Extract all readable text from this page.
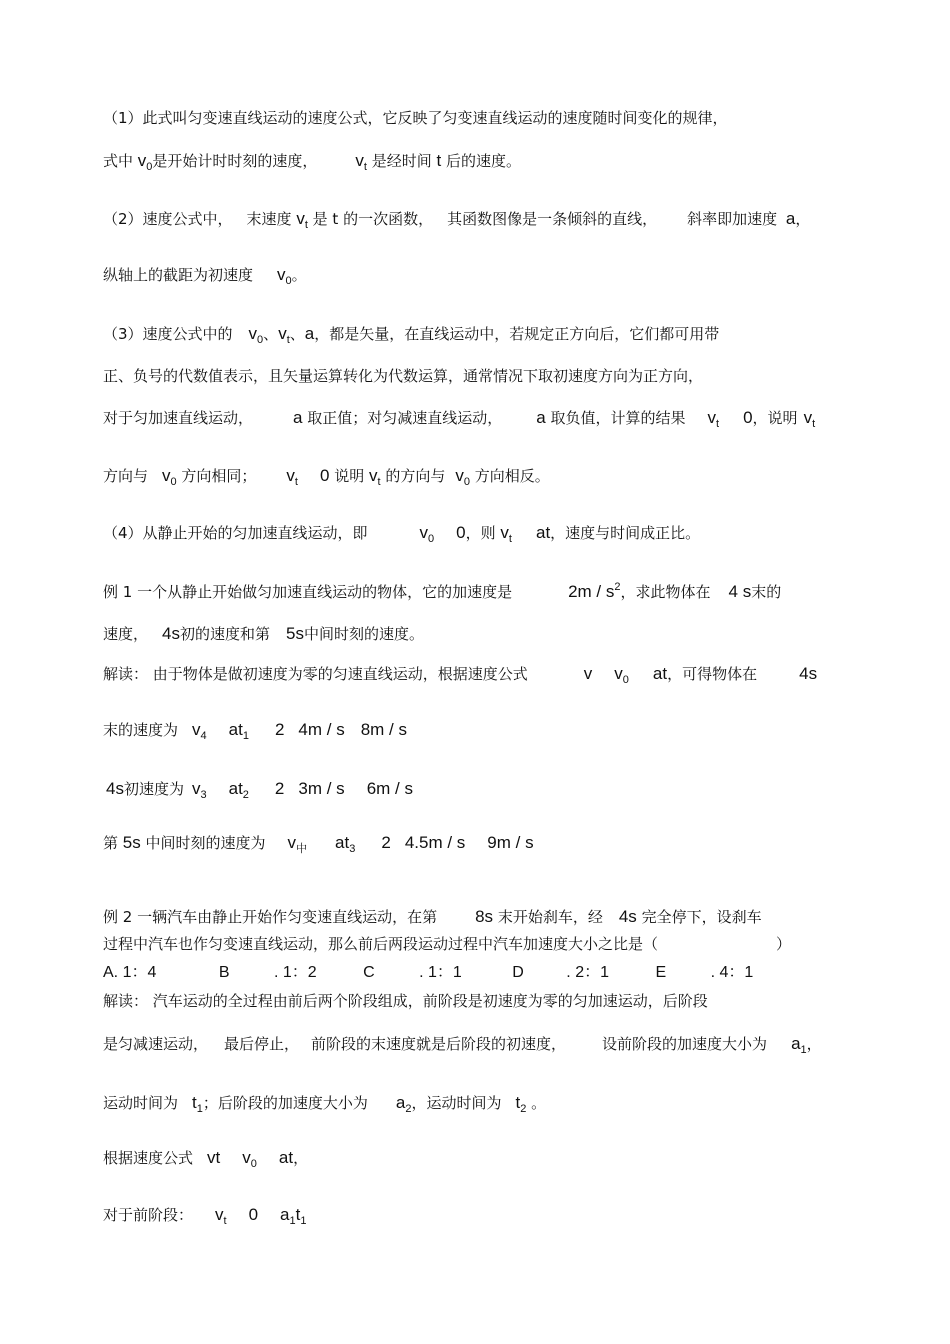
（1）此式叫匀变速直线运动的速度公式，它反映了匀变速直线运动的速度随时间变化的规律，
式中 $v_0$是开始计时时刻的速度， $v_t$ 是经时间 t 后的速度。
（2）速度公式中， 末速度 $v_t$ 是 t 的一次函数， 其函数图像是一条倾斜的直线， 斜率即加速度 a，
纵轴上的截距为初速度 $v_0$。
（3）速度公式中的 $v_0$、$v_t$、a，都是矢量，在直线运动中，若规定正方向后，它们都可用带
正、负号的代数值表示，且矢量运算转化为代数运算，通常情况下取初速度方向为正方向，
对于匀加速直线运动， a 取正值；对匀减速直线运动， a 取负值，计算的结果 $v_t$ 0，说明 $v_t$
方向与 $v_0$ 方向相同； $v_t$ 0 说明 $v_t$ 的方向与 $v_0$ 方向相反。
（4）从静止开始的匀加速直线运动，即	$v_0$ 0，则 $v_t$ at，速度与时间成正比。
例 1 一个从静止开始做匀加速直线运动的物体，它的加速度是	$2m / s^2$，求此物体在 4 s末的
速度， 4s初的速度和第 5s中间时刻的速度。
解读： 由于物体是做初速度为零的匀速直线运动，根据速度公式	v $v_0$ at，可得物体在 4s
末的速度为 $v_4$ $at_1$ 2 4m / s 8m / s
4s初速度为 $v_3$ $at_2$ 2 3m / s 6m / s
第 5s 中间时刻的速度为 $v_中$ $at_3$ 2 4.5m / s 9m / s
例 2 一辆汽车由静止开始作匀变速直线运动，在第 8s 末开始刹车，经 4s 完全停下，设刹车
过程中汽车也作匀变速直线运动，那么前后两段运动过程中汽车加速度大小之比是（	）
A. 1：4	B	. 1：2	C	. 1：1	D	. 2：1	E	. 4：1
解读： 汽车运动的全过程由前后两个阶段组成，前阶段是初速度为零的匀加速运动，后阶段
是匀减速运动， 最后停止， 前阶段的末速度就是后阶段的初速度， 设前阶段的加速度大小为 $a_1$，
运动时间为 $t_1$；后阶段的加速度大小为 $a_2$，运动时间为 $t_2$ 。
根据速度公式 vt $v_0$ at，
对于前阶段： $v_t$ 0 $a_1t_1$
